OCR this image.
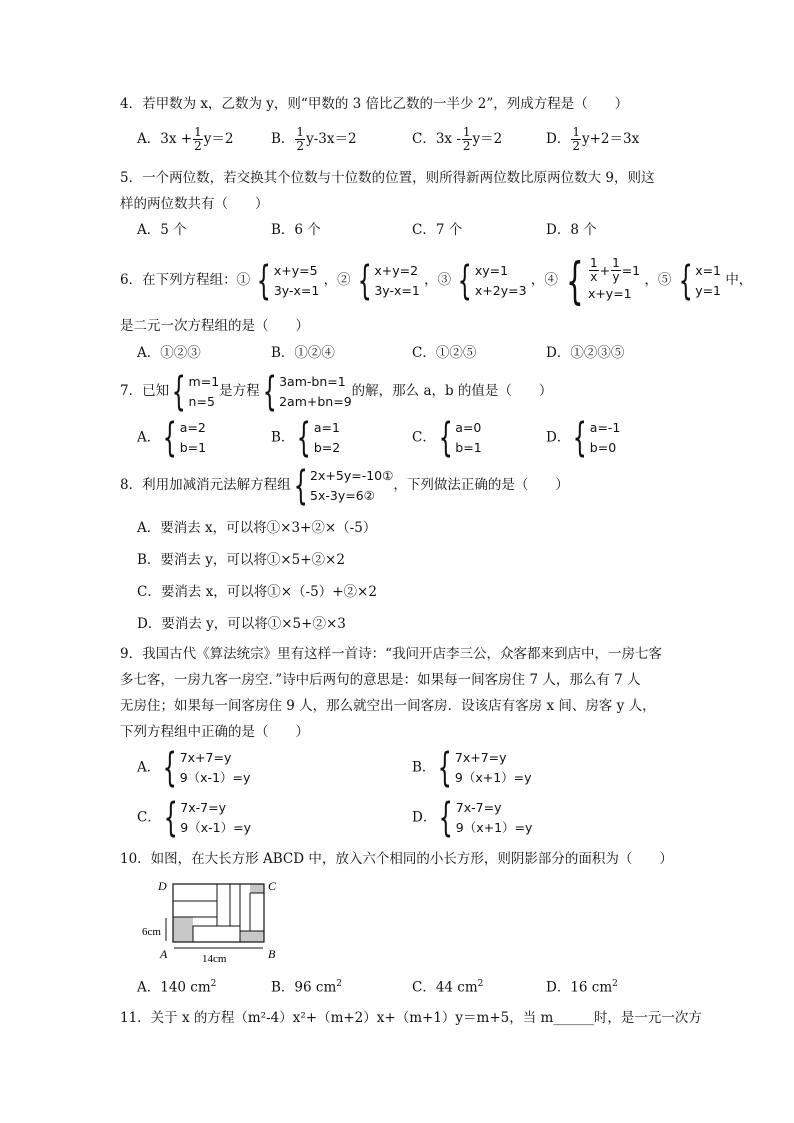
4．若甲数为 x，乙数为 y，则“甲数的 3 倍比乙数的一半少 2”，列成方程是（　　）
A．$3x + \frac{1}{2} y=2$	B． $\frac{1}{2} y-3x=2$	C．$3x - \frac{1}{2} y=2$	D． $\frac{1}{2} y+2=3x$
5．一个两位数，若交换其个位数与十位数的位置，则所得新两位数比原两位数大 9，则这
样的两位数共有（　　）
A．5 个	B．6 个	C．7 个	D．8 个
6．在下列方程组：① { x+y=5
3y-x=1
，② { x+y=2
3y-x=1
，③ { xy=1
x+2y=3
，④ { $\frac{1}{x} + \frac{1}{y} =1$
x+y=1
，⑤ { x=1
y=1
中，
是二元一次方程组的是（　　）
A．①②③	B．①②④	C．①②⑤	D．①②③⑤
7．已知 { m=1
n=5
是方程 { 3am-bn=1
2am+bn=9
的解，那么 a，b 的值是（　　）
A． { a=2
b=1
B． { a=1
b=2
C． { a=0
b=1
D． { a=-1
b=0
8．利用加减消元法解方程组 { 2x+5y=-10①
5x-3y=6②
，下列做法正确的是（　　）
A．要消去 x，可以将①×3+②×（-5）
B．要消去 y，可以将①×5+②×2
C．要消去 x，可以将①×（-5）+②×2
D．要消去 y，可以将①×5+②×3
9．我国古代《算法统宗》里有这样一首诗：“我问开店李三公，众客都来到店中，一房七客
多七客，一房九客一房空．”诗中后两句的意思是：如果每一间客房住 7 人，那么有 7 人
无房住；如果每一间客房住 9 人，那么就空出一间客房．设该店有客房 x 间、房客 y 人，
下列方程组中正确的是（　　）
A． { 7x+7=y
9（x-1）=y
B． { 7x+7=y
9（x+1）=y
C． { 7x-7=y
9（x-1）=y
D． { 7x-7=y
9（x+1）=y
10．如图，在大长方形 ABCD 中，放入六个相同的小长方形，则阴影部分的面积为（　　）
D	C
A	B
6cm
14cm
A．140 $cm^2$	B．96 $cm^2$	C．44 $cm^2$	D．16 $cm^2$
11．关于 x 的方程（m²-4）x²+（m+2）x+（m+1）y＝m+5，当 m______时，是一元一次方
